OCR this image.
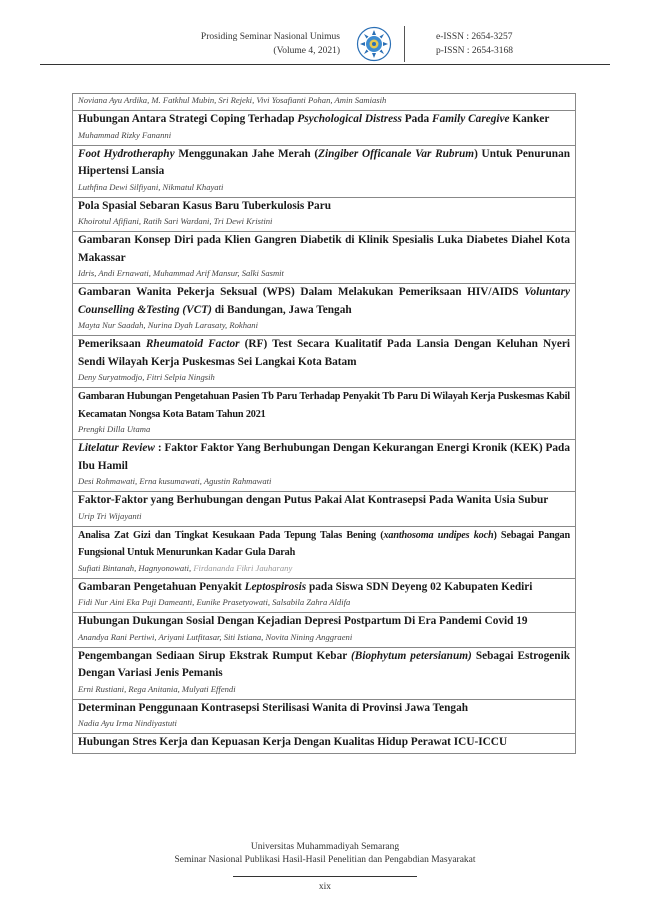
Prosiding Seminar Nasional Unimus
(Volume 4, 2021)
e-ISSN : 2654-3257
p-ISSN : 2654-3168
Noviana Ayu Ardika, M. Fatkhul Mubin, Sri Rejeki, Vivi Yosafianti Pohan, Amin Samiasih
Hubungan Antara Strategi Coping Terhadap Psychological Distress Pada Family Caregive Kanker
Muhammad Rizky Fananni
Foot Hydrotheraphy Menggunakan Jahe Merah (Zingiber Officanale Var Rubrum) Untuk Penurunan Hipertensi Lansia
Luthfina Dewi Silfiyani, Nikmatul Khayati
Pola Spasial Sebaran Kasus Baru Tuberkulosis Paru
Khoirotul Afifiani, Ratih Sari Wardani, Tri Dewi Kristini
Gambaran Konsep Diri pada Klien Gangren Diabetik di Klinik Spesialis Luka Diabetes Diahel Kota Makassar
Idris, Andi Ernawati, Muhammad Arif Mansur, Salki Sasmit
Gambaran Wanita Pekerja Seksual (WPS) Dalam Melakukan Pemeriksaan HIV/AIDS Voluntary Counselling &Testing (VCT) di Bandungan, Jawa Tengah
Mayta Nur Saadah, Nurina Dyah Larasaty, Rokhani
Pemeriksaan Rheumatoid Factor (RF) Test Secara Kualitatif Pada Lansia Dengan Keluhan Nyeri Sendi Wilayah Kerja Puskesmas Sei Langkai Kota Batam
Deny Suryatmodjo, Fitri Selpia Ningsih
Gambaran Hubungan Pengetahuan Pasien Tb Paru Terhadap Penyakit Tb Paru Di Wilayah Kerja Puskesmas Kabil Kecamatan Nongsa Kota Batam Tahun 2021
Prengki Dilla Utama
Litelatur Review : Faktor Faktor Yang Berhubungan Dengan Kekurangan Energi Kronik (KEK) Pada Ibu Hamil
Desi Rohmawati, Erna kusumawati, Agustin Rahmawati
Faktor-Faktor yang Berhubungan dengan Putus Pakai Alat Kontrasepsi Pada Wanita Usia Subur
Urip Tri Wijayanti
Analisa Zat Gizi dan Tingkat Kesukaan Pada Tepung Talas Bening (xanthosoma undipes koch) Sebagai Pangan Fungsional Untuk Menurunkan Kadar Gula Darah
Sufiati Bintanah, Hagnyonowati, Firdananda Fikri Jauharany
Gambaran Pengetahuan Penyakit Leptospirosis pada Siswa SDN Deyeng 02 Kabupaten Kediri
Fidi Nur Aini Eka Puji Dameanti, Eunike Prasetyowati, Salsabila Zahra Aldifa
Hubungan Dukungan Sosial Dengan Kejadian Depresi Postpartum Di Era Pandemi Covid 19
Anandya Rani Pertiwi, Ariyani Lutfitasar, Siti Istiana, Novita Nining Anggraeni
Pengembangan Sediaan Sirup Ekstrak Rumput Kebar (Biophytum petersianum) Sebagai Estrogenik Dengan Variasi Jenis Pemanis
Erni Rustiani, Rega Anitania, Mulyati Effendi
Determinan Penggunaan Kontrasepsi Sterilisasi Wanita di Provinsi Jawa Tengah
Nadia Ayu Irma Nindiyastuti
Hubungan Stres Kerja dan Kepuasan Kerja Dengan Kualitas Hidup Perawat ICU-ICCU
Universitas Muhammadiyah Semarang
Seminar Nasional Publikasi Hasil-Hasil Penelitian dan Pengabdian Masyarakat
xix
